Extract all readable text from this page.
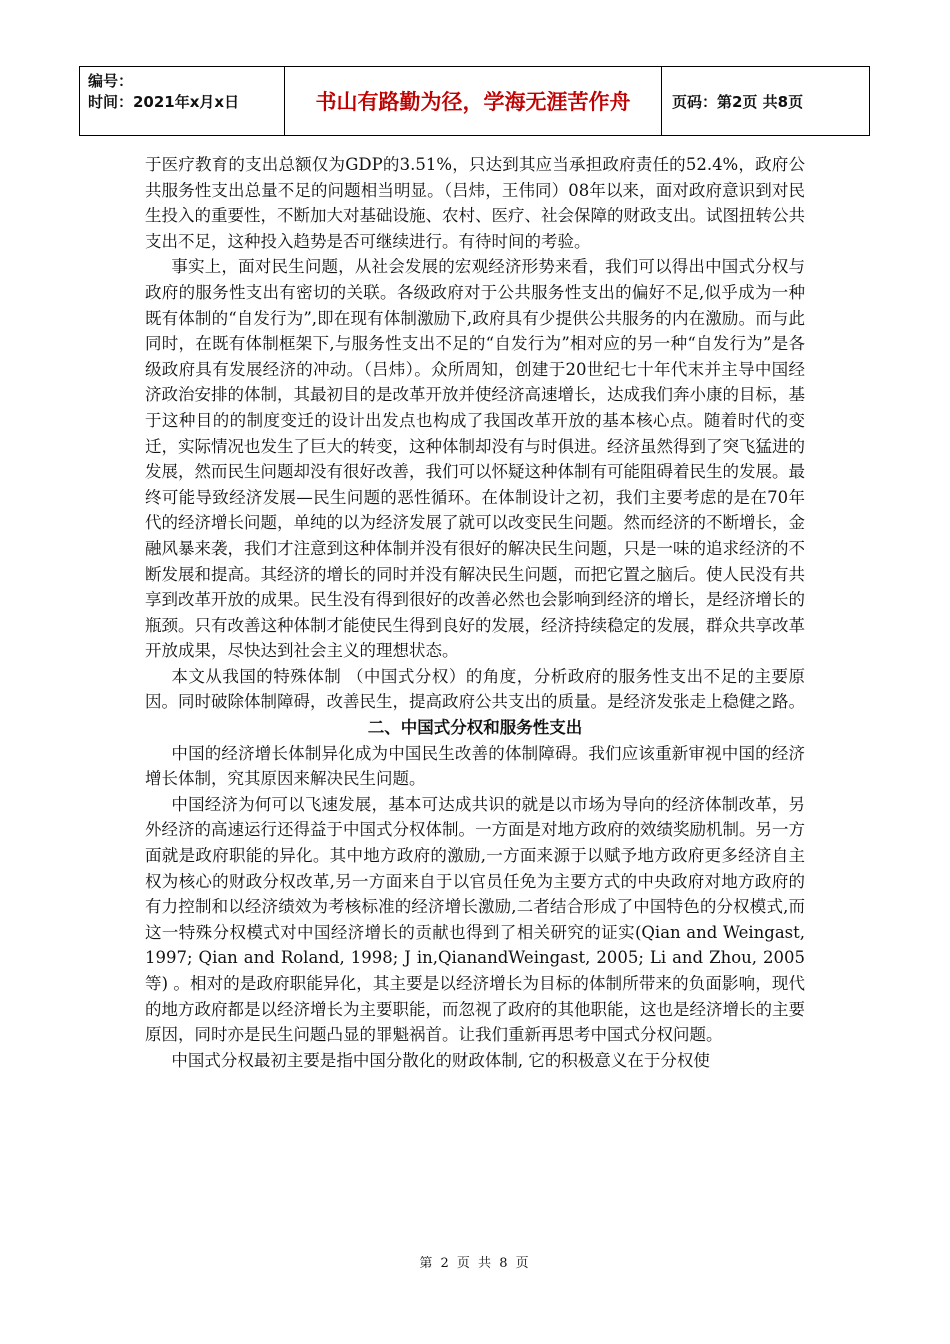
编号：
时间：2021年x月x日	书山有路勤为径，学海无涯苦作舟	页码：第2页 共8页

于医疗教育的支出总额仅为GDP的3.51%，只达到其应当承担政府责任的52.4%，政府公共服务性支出总量不足的问题相当明显。（吕炜，王伟同）08年以来，面对政府意识到对民生投入的重要性，不断加大对基础设施、农村、医疗、社会保障的财政支出。试图扭转公共支出不足，这种投入趋势是否可继续进行。有待时间的考验。

事实上，面对民生问题，从社会发展的宏观经济形势来看，我们可以得出中国式分权与政府的服务性支出有密切的关联。各级政府对于公共服务性支出的偏好不足,似乎成为一种既有体制的“自发行为”,即在现有体制激励下,政府具有少提供公共服务的内在激励。而与此同时，在既有体制框架下,与服务性支出不足的“自发行为”相对应的另一种“自发行为”是各级政府具有发展经济的冲动。（吕炜）。众所周知，创建于20世纪七十年代末并主导中国经济政治安排的体制，其最初目的是改革开放并使经济高速增长，达成我们奔小康的目标，基于这种目的的制度变迁的设计出发点也构成了我国改革开放的基本核心点。随着时代的变迁，实际情况也发生了巨大的转变，这种体制却没有与时俱进。经济虽然得到了突飞猛进的发展，然而民生问题却没有很好改善，我们可以怀疑这种体制有可能阻碍着民生的发展。最终可能导致经济发展—民生问题的恶性循环。在体制设计之初，我们主要考虑的是在70年代的经济增长问题，单纯的以为经济发展了就可以改变民生问题。然而经济的不断增长，金融风暴来袭，我们才注意到这种体制并没有很好的解决民生问题，只是一味的追求经济的不断发展和提高。其经济的增长的同时并没有解决民生问题，而把它置之脑后。使人民没有共享到改革开放的成果。民生没有得到很好的改善必然也会影响到经济的增长，是经济增长的瓶颈。只有改善这种体制才能使民生得到良好的发展，经济持续稳定的发展，群众共享改革开放成果，尽快达到社会主义的理想状态。

本文从我国的特殊体制 （中国式分权）的角度，分析政府的服务性支出不足的主要原因。同时破除体制障碍，改善民生，提高政府公共支出的质量。是经济发张走上稳健之路。

二、中国式分权和服务性支出

中国的经济增长体制异化成为中国民生改善的体制障碍。我们应该重新审视中国的经济增长体制，究其原因来解决民生问题。

中国经济为何可以飞速发展，基本可达成共识的就是以市场为导向的经济体制改革，另外经济的高速运行还得益于中国式分权体制。一方面是对地方政府的效绩奖励机制。另一方面就是政府职能的异化。其中地方政府的激励,一方面来源于以赋予地方政府更多经济自主权为核心的财政分权改革,另一方面来自于以官员任免为主要方式的中央政府对地方政府的有力控制和以经济绩效为考核标准的经济增长激励,二者结合形成了中国特色的分权模式,而这一特殊分权模式对中国经济增长的贡献也得到了相关研究的证实(Qian and Weingast, 1997; Qian and Roland, 1998; J in,QianandWeingast, 2005; Li and Zhou, 2005等) 。相对的是政府职能异化，其主要是以经济增长为目标的体制所带来的负面影响，现代的地方政府都是以经济增长为主要职能，而忽视了政府的其他职能，这也是经济增长的主要原因，同时亦是民生问题凸显的罪魁祸首。让我们重新再思考中国式分权问题。

中国式分权最初主要是指中国分散化的财政体制, 它的积极意义在于分权使

第 2 页 共 8 页
